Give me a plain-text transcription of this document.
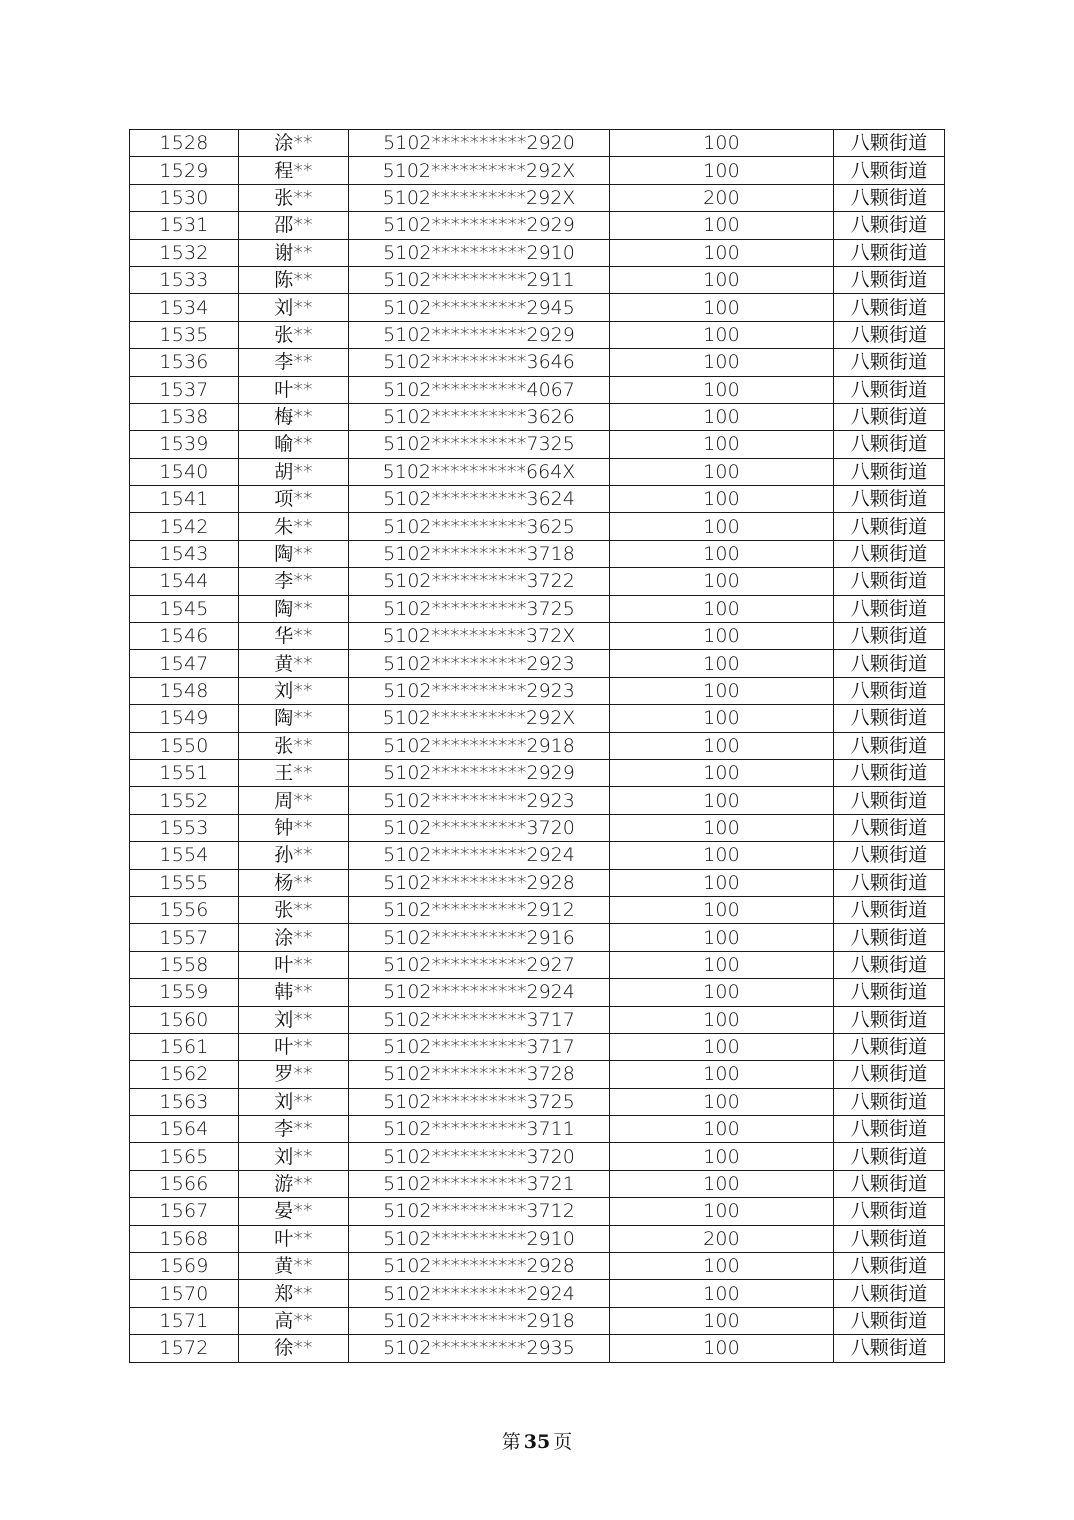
1528	涂**	5102**********2920	100	八颗街道
1529	程**	5102**********292X	100	八颗街道
1530	张**	5102**********292X	200	八颗街道
1531	邵**	5102**********2929	100	八颗街道
1532	谢**	5102**********2910	100	八颗街道
1533	陈**	5102**********2911	100	八颗街道
1534	刘**	5102**********2945	100	八颗街道
1535	张**	5102**********2929	100	八颗街道
1536	李**	5102**********3646	100	八颗街道
1537	叶**	5102**********4067	100	八颗街道
1538	梅**	5102**********3626	100	八颗街道
1539	喻**	5102**********7325	100	八颗街道
1540	胡**	5102**********664X	100	八颗街道
1541	项**	5102**********3624	100	八颗街道
1542	朱**	5102**********3625	100	八颗街道
1543	陶**	5102**********3718	100	八颗街道
1544	李**	5102**********3722	100	八颗街道
1545	陶**	5102**********3725	100	八颗街道
1546	华**	5102**********372X	100	八颗街道
1547	黄**	5102**********2923	100	八颗街道
1548	刘**	5102**********2923	100	八颗街道
1549	陶**	5102**********292X	100	八颗街道
1550	张**	5102**********2918	100	八颗街道
1551	王**	5102**********2929	100	八颗街道
1552	周**	5102**********2923	100	八颗街道
1553	钟**	5102**********3720	100	八颗街道
1554	孙**	5102**********2924	100	八颗街道
1555	杨**	5102**********2928	100	八颗街道
1556	张**	5102**********2912	100	八颗街道
1557	涂**	5102**********2916	100	八颗街道
1558	叶**	5102**********2927	100	八颗街道
1559	韩**	5102**********2924	100	八颗街道
1560	刘**	5102**********3717	100	八颗街道
1561	叶**	5102**********3717	100	八颗街道
1562	罗**	5102**********3728	100	八颗街道
1563	刘**	5102**********3725	100	八颗街道
1564	李**	5102**********3711	100	八颗街道
1565	刘**	5102**********3720	100	八颗街道
1566	游**	5102**********3721	100	八颗街道
1567	晏**	5102**********3712	100	八颗街道
1568	叶**	5102**********2910	200	八颗街道
1569	黄**	5102**********2928	100	八颗街道
1570	郑**	5102**********2924	100	八颗街道
1571	高**	5102**********2918	100	八颗街道
1572	徐**	5102**********2935	100	八颗街道
第 35 页
